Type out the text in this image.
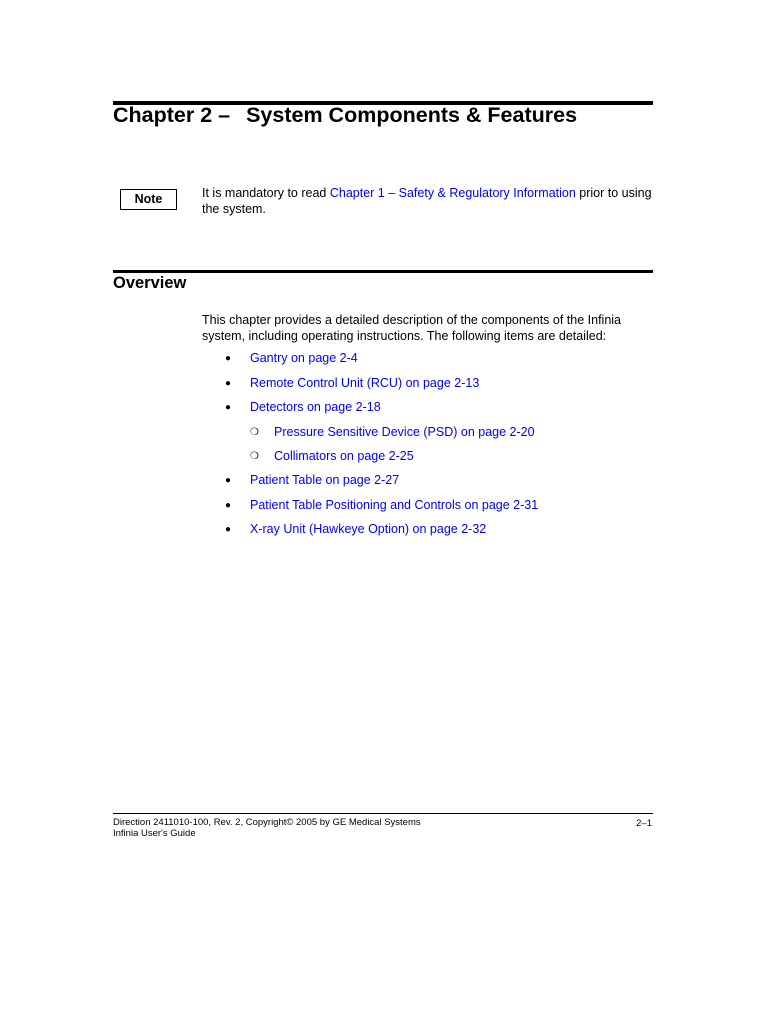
Chapter 2 – System Components & Features
Note	It is mandatory to read Chapter 1 – Safety & Regulatory Information prior to using the system.
Overview

This chapter provides a detailed description of the components of the Infinia system, including operating instructions. The following items are detailed:

● Gantry on page 2-4
● Remote Control Unit (RCU) on page 2-13
● Detectors on page 2-18
❍ Pressure Sensitive Device (PSD) on page 2-20
❍ Collimators on page 2-25
● Patient Table on page 2-27
● Patient Table Positioning and Controls on page 2-31
● X-ray Unit (Hawkeye Option) on page 2-32
Direction 2411010-100, Rev. 2, Copyright© 2005 by GE Medical Systems
Infinia User's Guide
2–1
